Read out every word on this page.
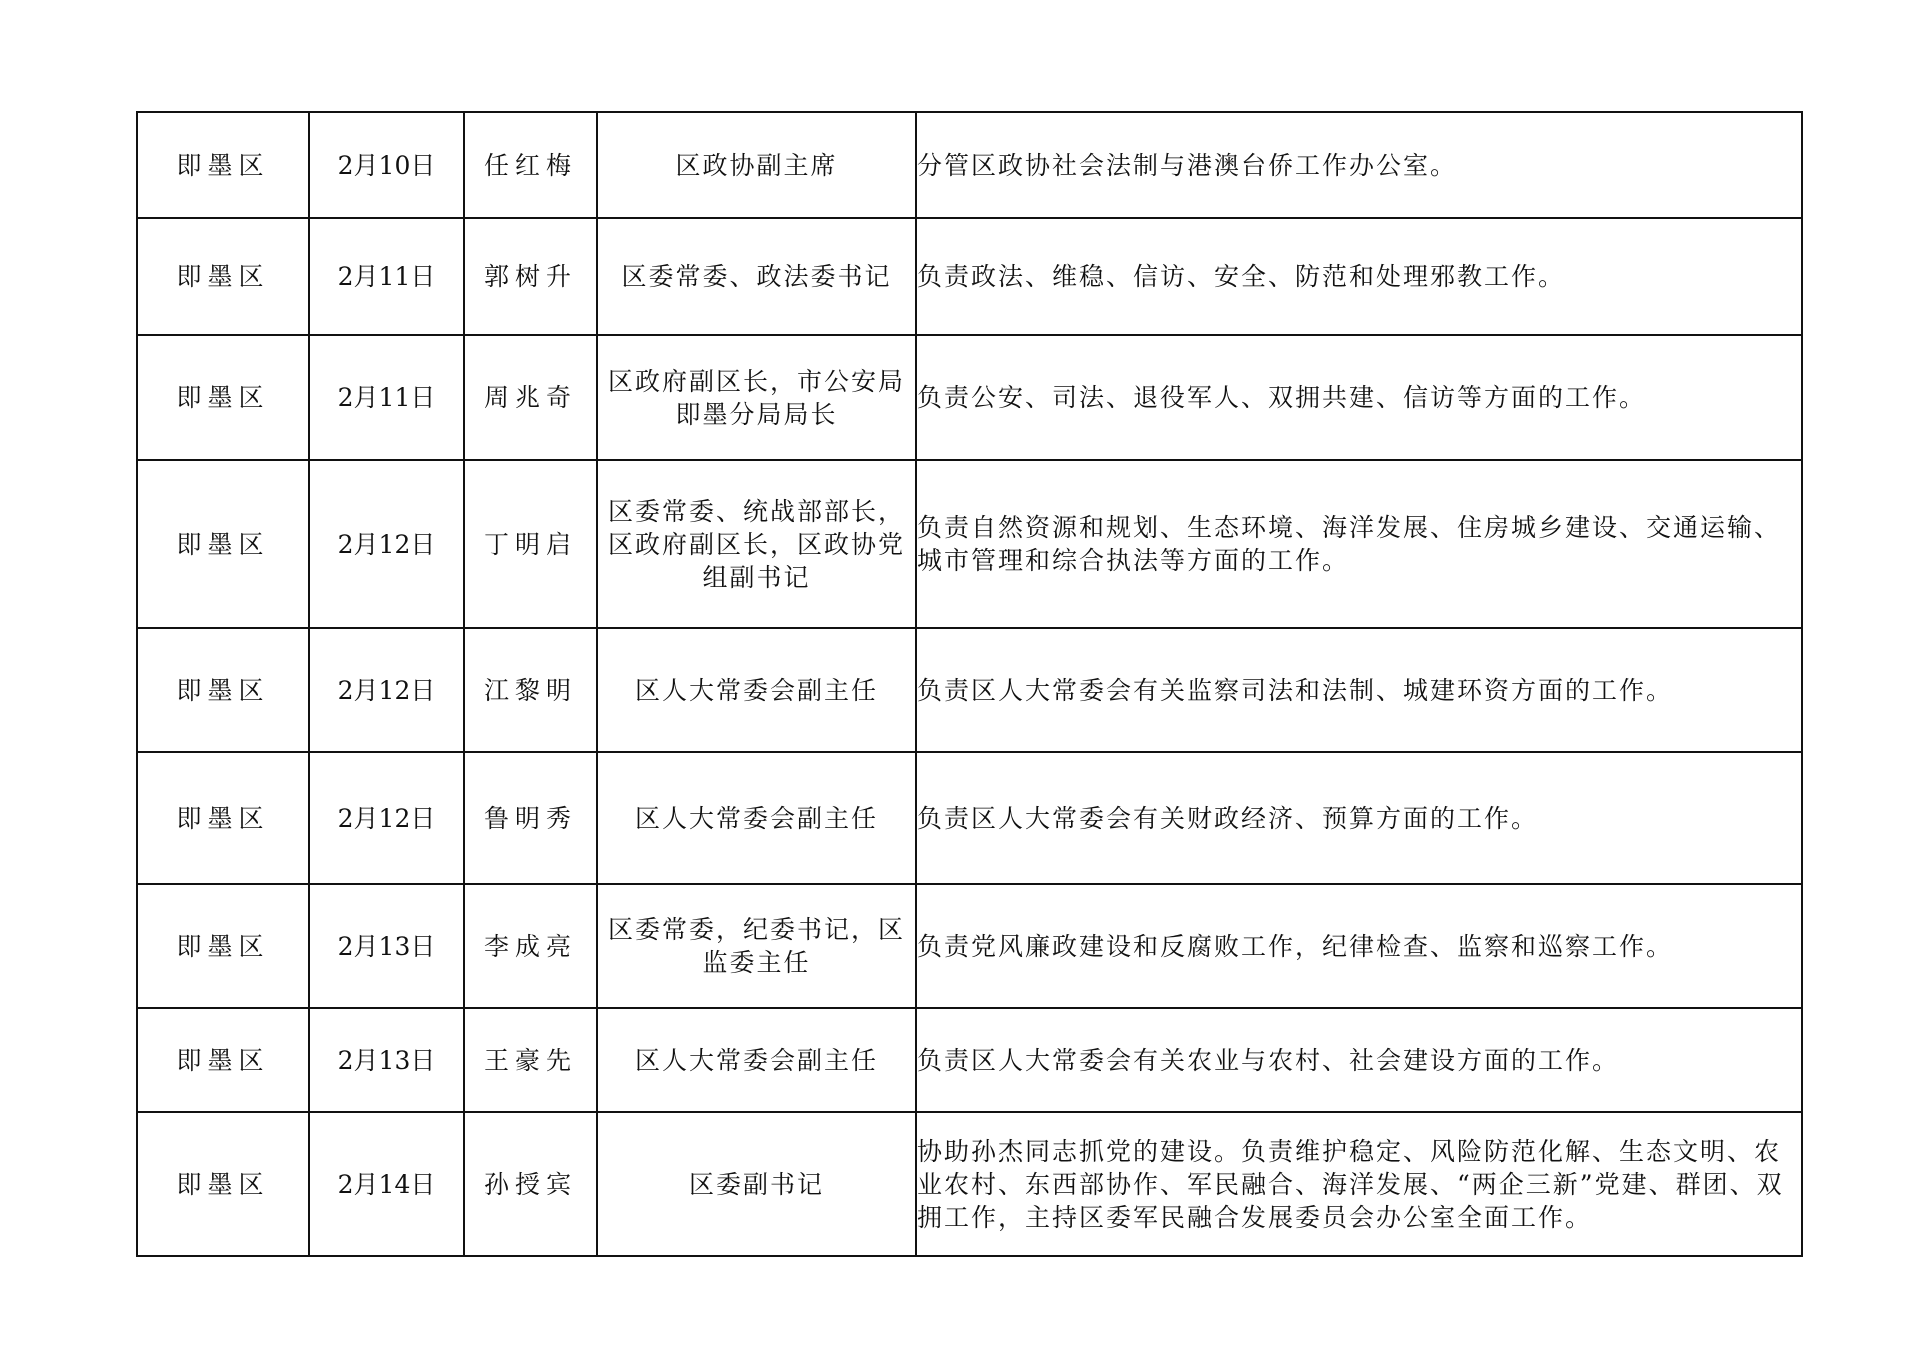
即墨区	2月10日	任红梅	区政协副主席	分管区政协社会法制与港澳台侨工作办公室。
即墨区	2月11日	郭树升	区委常委、政法委书记	负责政法、维稳、信访、安全、防范和处理邪教工作。
即墨区	2月11日	周兆奇	区政府副区长，市公安局即墨分局局长	负责公安、司法、退役军人、双拥共建、信访等方面的工作。
即墨区	2月12日	丁明启	区委常委、统战部部长，区政府副区长，区政协党组副书记	负责自然资源和规划、生态环境、海洋发展、住房城乡建设、交通运输、城市管理和综合执法等方面的工作。
即墨区	2月12日	江黎明	区人大常委会副主任	负责区人大常委会有关监察司法和法制、城建环资方面的工作。
即墨区	2月12日	鲁明秀	区人大常委会副主任	负责区人大常委会有关财政经济、预算方面的工作。
即墨区	2月13日	李成亮	区委常委，纪委书记，区监委主任	负责党风廉政建设和反腐败工作，纪律检查、监察和巡察工作。
即墨区	2月13日	王豪先	区人大常委会副主任	负责区人大常委会有关农业与农村、社会建设方面的工作。
即墨区	2月14日	孙授宾	区委副书记	协助孙杰同志抓党的建设。负责维护稳定、风险防范化解、生态文明、农业农村、东西部协作、军民融合、海洋发展、“两企三新”党建、群团、双拥工作，主持区委军民融合发展委员会办公室全面工作。
